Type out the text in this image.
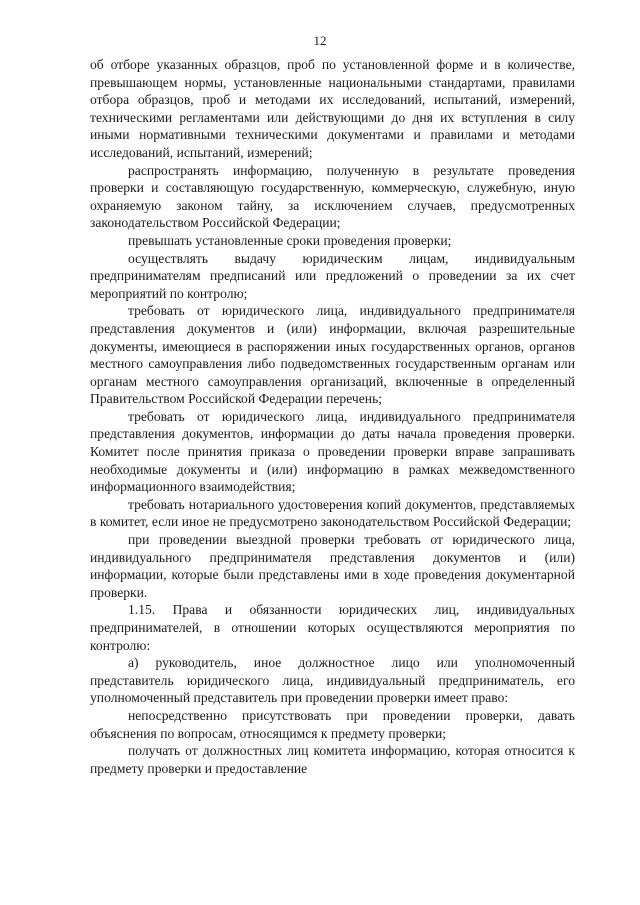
12

об отборе указанных образцов, проб по установленной форме и в количестве, превышающем нормы, установленные национальными стандартами, правилами отбора образцов, проб и методами их исследований, испытаний, измерений, техническими регламентами или действующими до дня их вступления в силу иными нормативными техническими документами и правилами и методами исследований, испытаний, измерений;

распространять информацию, полученную в результате проведения проверки и составляющую государственную, коммерческую, служебную, иную охраняемую законом тайну, за исключением случаев, предусмотренных законодательством Российской Федерации;

превышать установленные сроки проведения проверки;

осуществлять выдачу юридическим лицам, индивидуальным предпринимателям предписаний или предложений о проведении за их счет мероприятий по контролю;

требовать от юридического лица, индивидуального предпринимателя представления документов и (или) информации, включая разрешительные документы, имеющиеся в распоряжении иных государственных органов, органов местного самоуправления либо подведомственных государственным органам или органам местного самоуправления организаций, включенные в определенный Правительством Российской Федерации перечень;

требовать от юридического лица, индивидуального предпринимателя представления документов, информации до даты начала проведения проверки. Комитет после принятия приказа о проведении проверки вправе запрашивать необходимые документы и (или) информацию в рамках межведомственного информационного взаимодействия;

требовать нотариального удостоверения копий документов, представляемых в комитет, если иное не предусмотрено законодательством Российской Федерации;

при проведении выездной проверки требовать от юридического лица, индивидуального предпринимателя представления документов и (или) информации, которые были представлены ими в ходе проведения документарной проверки.

1.15. Права и обязанности юридических лиц, индивидуальных предпринимателей, в отношении которых осуществляются мероприятия по контролю:

а) руководитель, иное должностное лицо или уполномоченный представитель юридического лица, индивидуальный предприниматель, его уполномоченный представитель при проведении проверки имеет право:

непосредственно присутствовать при проведении проверки, давать объяснения по вопросам, относящимся к предмету проверки;

получать от должностных лиц комитета информацию, которая относится к предмету проверки и предоставление
